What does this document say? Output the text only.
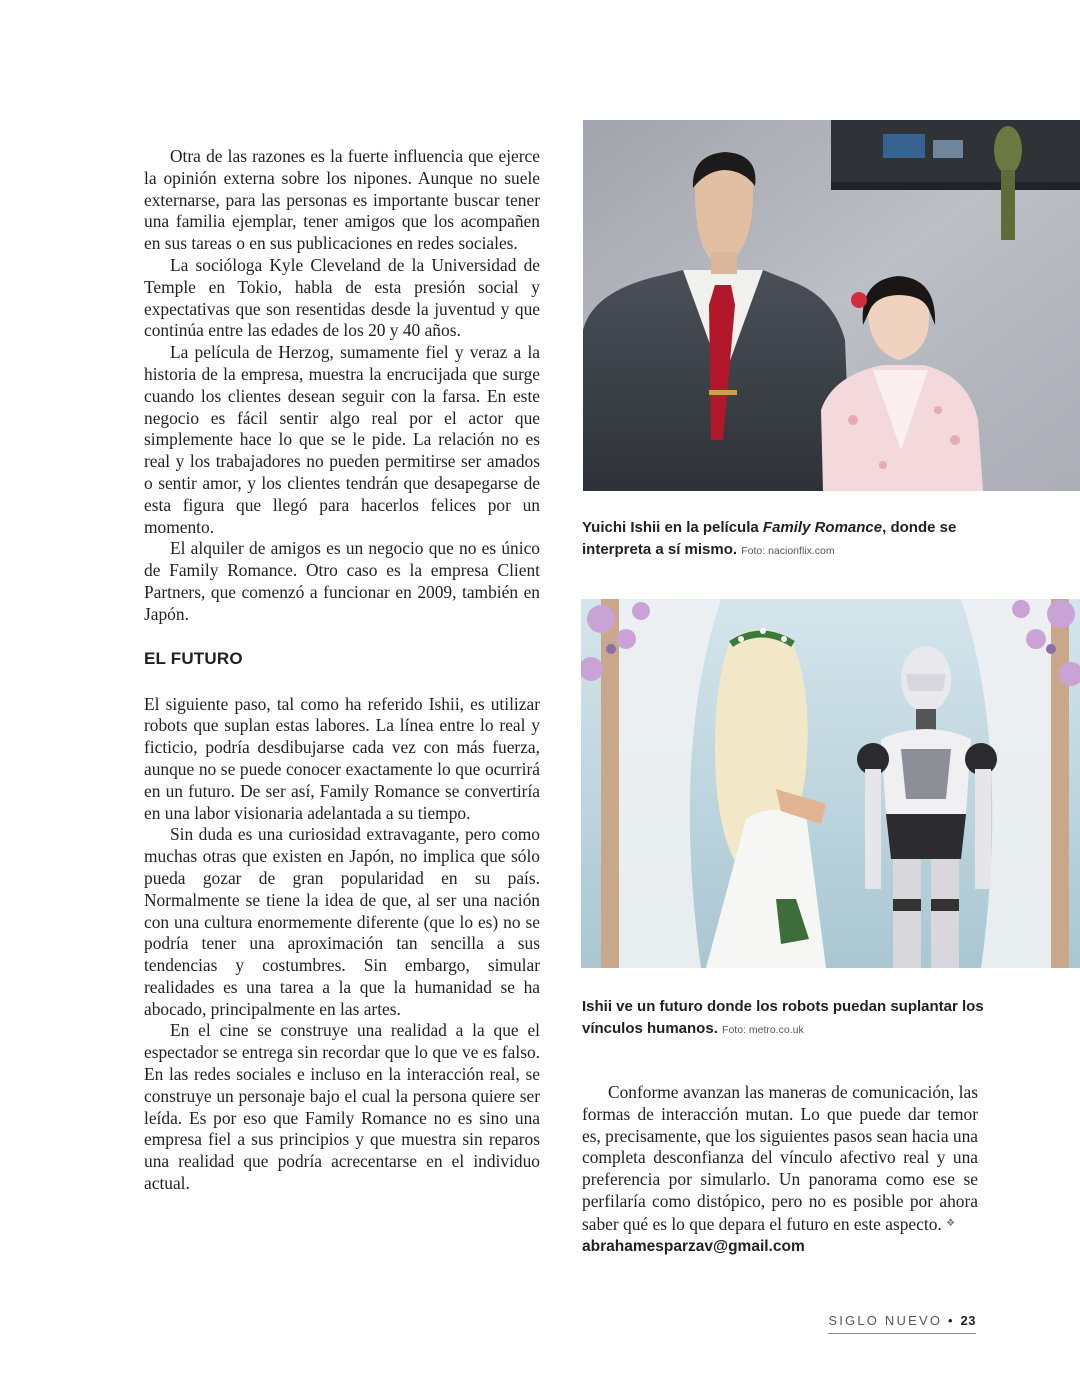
Otra de las razones es la fuerte influencia que ejerce la opinión externa sobre los nipones. Aunque no suele externarse, para las personas es importante buscar tener una familia ejemplar, tener amigos que los acompañen en sus tareas o en sus publicaciones en redes sociales.

La socióloga Kyle Cleveland de la Universidad de Temple en Tokio, habla de esta presión social y expectativas que son resentidas desde la juventud y que continúa entre las edades de los 20 y 40 años.

La película de Herzog, sumamente fiel y veraz a la historia de la empresa, muestra la encrucijada que surge cuando los clientes desean seguir con la farsa. En este negocio es fácil sentir algo real por el actor que simplemente hace lo que se le pide. La relación no es real y los trabajadores no pueden permitirse ser amados o sentir amor, y los clientes tendrán que desapegarse de esta figura que llegó para hacerlos felices por un momento.

El alquiler de amigos es un negocio que no es único de Family Romance. Otro caso es la empresa Client Partners, que comenzó a funcionar en 2009, también en Japón.

EL FUTURO

El siguiente paso, tal como ha referido Ishii, es utilizar robots que suplan estas labores. La línea entre lo real y ficticio, podría desdibujarse cada vez con más fuerza, aunque no se puede conocer exactamente lo que ocurrirá en un futuro. De ser así, Family Romance se convertiría en una labor visionaria adelantada a su tiempo.

Sin duda es una curiosidad extravagante, pero como muchas otras que existen en Japón, no implica que sólo pueda gozar de gran popularidad en su país. Normalmente se tiene la idea de que, al ser una nación con una cultura enormemente diferente (que lo es) no se podría tener una aproximación tan sencilla a sus tendencias y costumbres. Sin embargo, simular realidades es una tarea a la que la humanidad se ha abocado, principalmente en las artes.

En el cine se construye una realidad a la que el espectador se entrega sin recordar que lo que ve es falso. En las redes sociales e incluso en la interacción real, se construye un personaje bajo el cual la persona quiere ser leída. Es por eso que Family Romance no es sino una empresa fiel a sus principios y que muestra sin reparos una realidad que podría acrecentarse en el individuo actual.

Yuichi Ishii en la película Family Romance, donde se interpreta a sí mismo. Foto: nacionflix.com
Ishii ve un futuro donde los robots puedan suplantar los vínculos humanos. Foto: metro.co.uk

Conforme avanzan las maneras de comunicación, las formas de interacción mutan. Lo que puede dar temor es, precisamente, que los siguientes pasos sean hacia una completa desconfianza del vínculo afectivo real y una preferencia por simularlo. Un panorama como ese se perfilaría como distópico, pero no es posible por ahora saber qué es lo que depara el futuro en este aspecto. ❖

abrahamesparzav@gmail.com
SIGLO NUEVO • 23
